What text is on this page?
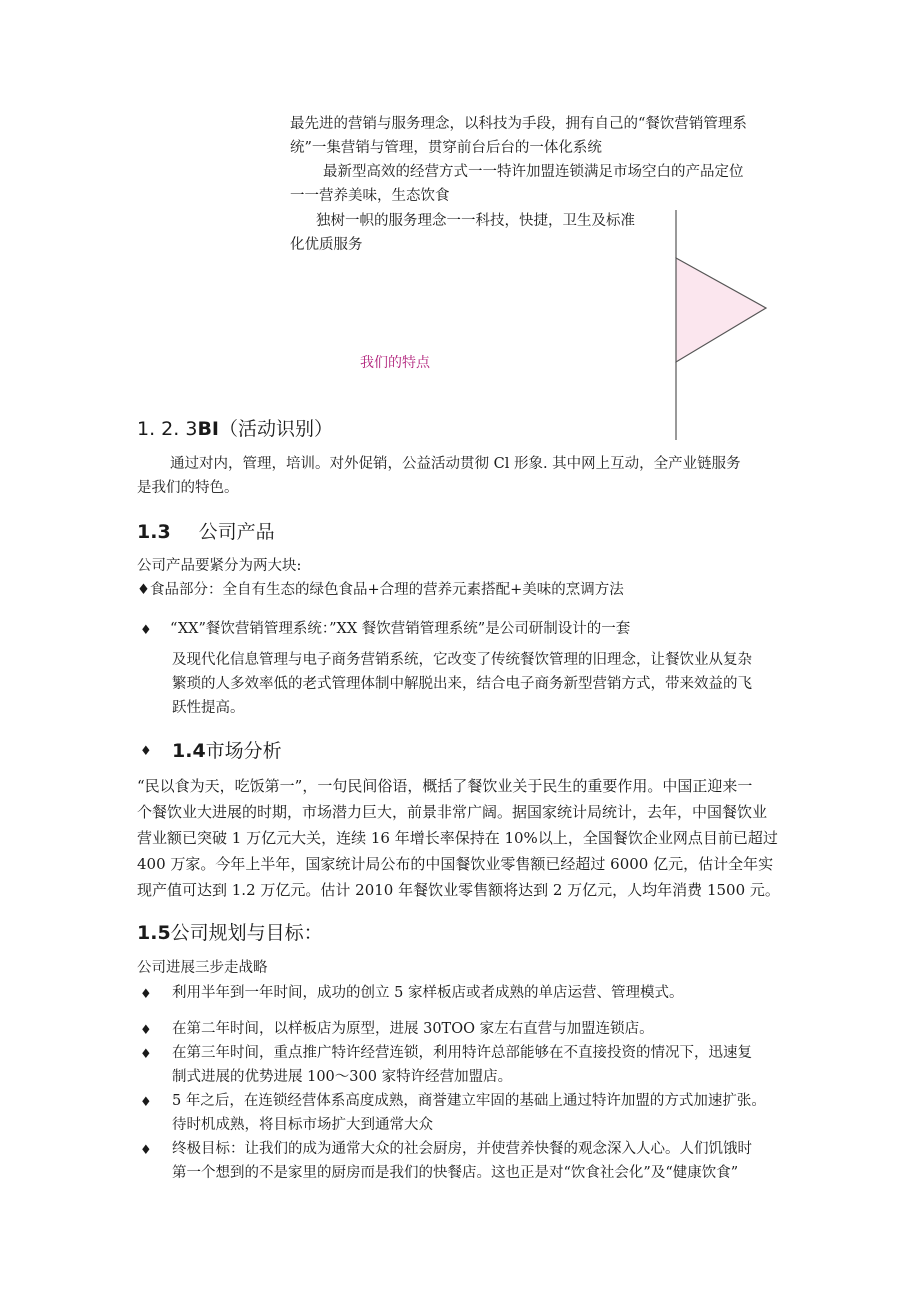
最先进的营销与服务理念，以科技为手段，拥有自己的“餐饮营销管理系
统”一集营销与管理，贯穿前台后台的一体化系统
最新型高效的经营方式一一特许加盟连锁满足市场空白的产品定位
一一营养美味，生态饮食
独树一帜的服务理念一一科技，快捷，卫生及标准
化优质服务
我们的特点
1. 2. 3BI（活动识别）
通过对内，管理，培训。对外促销，公益活动贯彻 Cl 形象. 其中网上互动，全产业链服务
是我们的特色。
1.3 公司产品
公司产品要紧分为两大块:
♦食品部分：全自有生态的绿色食品+合理的营养元素搭配+美味的烹调方法
♦ “XX”餐饮营销管理系统：”XX 餐饮营销管理系统”是公司研制设计的一套
及现代化信息管理与电子商务营销系统，它改变了传统餐饮管理的旧理念，让餐饮业从复杂
繁琐的人多效率低的老式管理体制中解脱出来，结合电子商务新型营销方式，带来效益的飞
跃性提高。
♦ 1.4市场分析
“民以食为天，吃饭第一”，一句民间俗语，概括了餐饮业关于民生的重要作用。中国正迎来一
个餐饮业大进展的时期，市场潜力巨大，前景非常广阔。据国家统计局统计，去年，中国餐饮业
营业额已突破 1 万亿元大关，连续 16 年增长率保持在 10%以上，全国餐饮企业网点目前已超过
400 万家。今年上半年，国家统计局公布的中国餐饮业零售额已经超过 6000 亿元，估计全年实
现产值可达到 1.2 万亿元。估计 2010 年餐饮业零售额将达到 2 万亿元，人均年消费 1500 元。
1.5公司规划与目标：
公司进展三步走战略
♦ 利用半年到一年时间，成功的创立 5 家样板店或者成熟的单店运营、管理模式。
♦ 在第二年时间，以样板店为原型，进展 30TOO 家左右直营与加盟连锁店。
♦ 在第三年时间，重点推广特许经营连锁，利用特许总部能够在不直接投资的情况下，迅速复
制式进展的优势进展 100～300 家特许经营加盟店。
♦ 5 年之后，在连锁经营体系高度成熟，商誉建立牢固的基础上通过特许加盟的方式加速扩张。
待时机成熟，将目标市场扩大到通常大众
♦ 终极目标：让我们的成为通常大众的社会厨房，并使营养快餐的观念深入人心。人们饥饿时
第一个想到的不是家里的厨房而是我们的快餐店。这也正是对“饮食社会化”及“健康饮食”
